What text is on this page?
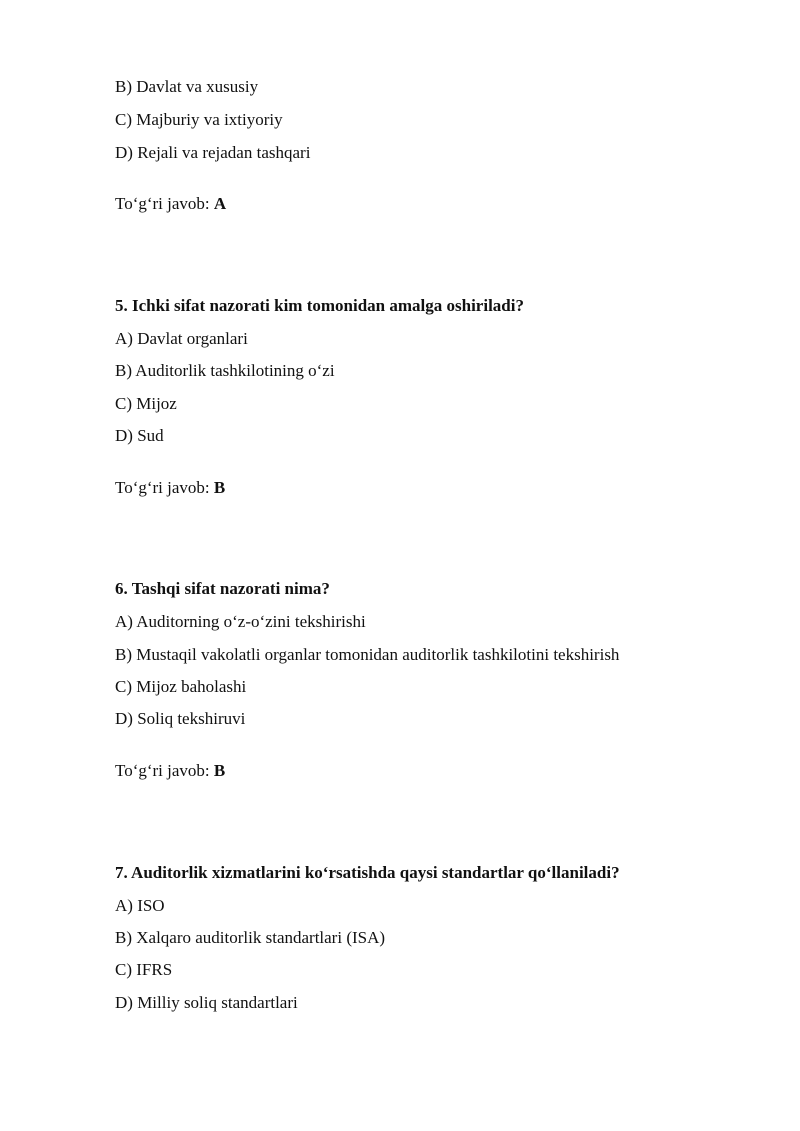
B) Davlat va xususiy
C) Majburiy va ixtiyoriy
D) Rejali va rejadan tashqari
To‘g‘ri javob: A
5. Ichki sifat nazorati kim tomonidan amalga oshiriladi?
A) Davlat organlari
B) Auditorlik tashkilotining o‘zi
C) Mijoz
D) Sud
To‘g‘ri javob: B
6. Tashqi sifat nazorati nima?
A) Auditorning o‘z-o‘zini tekshirishi
B) Mustaqil vakolatli organlar tomonidan auditorlik tashkilotini tekshirish
C) Mijoz baholashi
D) Soliq tekshiruvi
To‘g‘ri javob: B
7. Auditorlik xizmatlarini ko‘rsatishda qaysi standartlar qo‘llaniladi?
A) ISO
B) Xalqaro auditorlik standartlari (ISA)
C) IFRS
D) Milliy soliq standartlari
